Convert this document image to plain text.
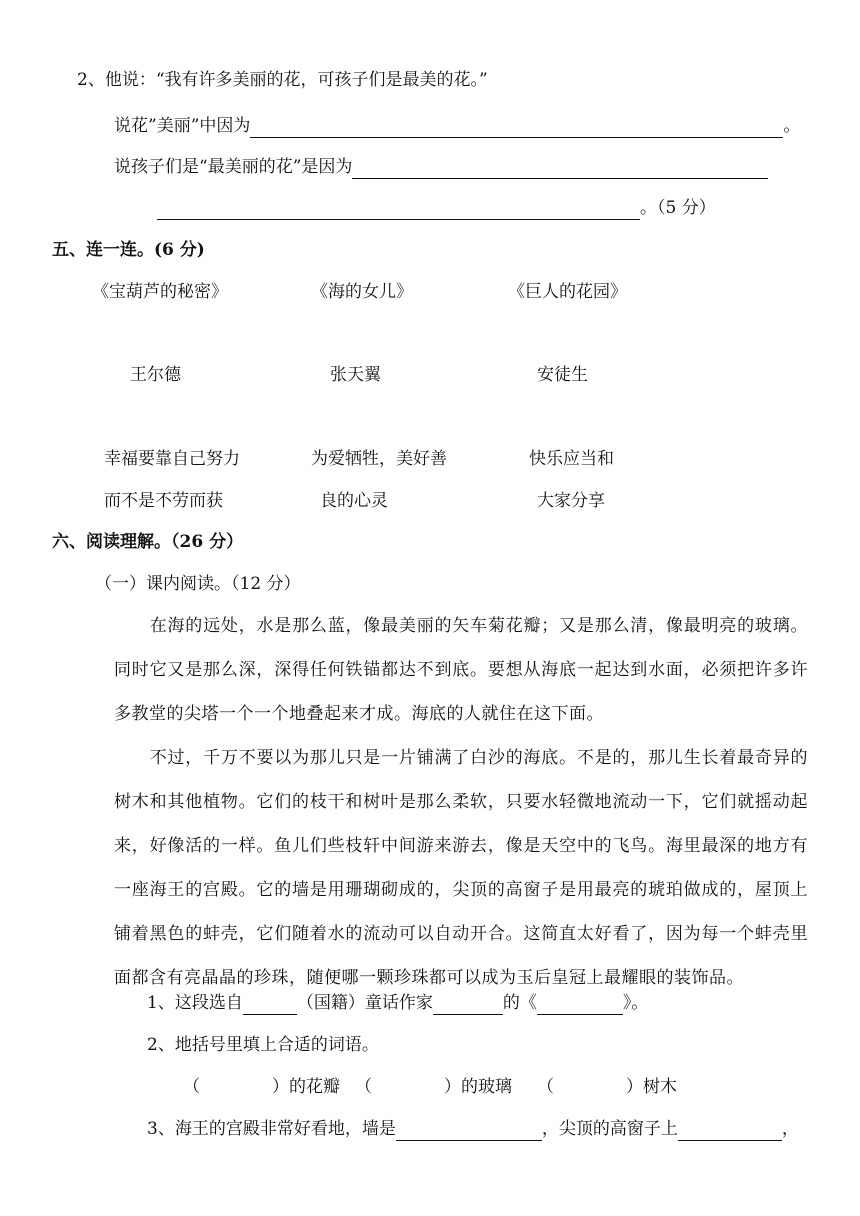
2、他说：“我有许多美丽的花，可孩子们是最美的花。”
说花”美丽”中因为	。
说孩子们是“最美丽的花”是因为
。（5 分）
五、连一连。(6 分)
《宝葫芦的秘密》	《海的女儿》	《巨人的花园》
王尔德	张天翼	安徒生
幸福要靠自己努力	为爱牺牲，美好善	快乐应当和
而不是不劳而获	良的心灵	大家分享
六、阅读理解。（26 分）
（一）课内阅读。（12 分）

在海的远处，水是那么蓝，像最美丽的矢车菊花瓣；又是那么清，像最明亮的玻璃。同时它又是那么深，深得任何铁锚都达不到底。要想从海底一起达到水面，必须把许多许多教堂的尖塔一个一个地叠起来才成。海底的人就住在这下面。

不过，千万不要以为那儿只是一片铺满了白沙的海底。不是的，那儿生长着最奇异的树木和其他植物。它们的枝干和树叶是那么柔软，只要水轻微地流动一下，它们就摇动起来，好像活的一样。鱼儿们些枝轩中间游来游去，像是天空中的飞鸟。海里最深的地方有一座海王的宫殿。它的墙是用珊瑚砌成的，尖顶的高窗子是用最亮的琥珀做成的，屋顶上铺着黑色的蚌壳，它们随着水的流动可以自动开合。这简直太好看了，因为每一个蚌壳里面都含有亮晶晶的珍珠，随便哪一颗珍珠都可以成为玉后皇冠上最耀眼的装饰品。

1、这段选自	（国籍）童话作家	的《	》。
2、地括号里填上合适的词语。
（	）的花瓣 （	）的玻璃 （	）树木
3、海王的宫殿非常好看地，墙是	，尖顶的高窗子上	，
